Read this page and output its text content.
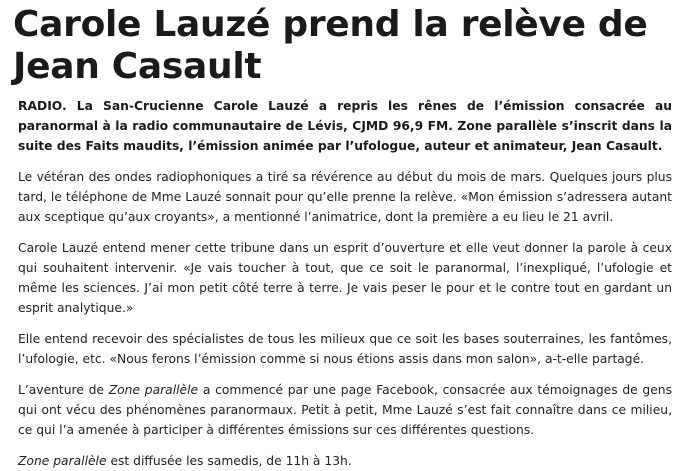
Carole Lauzé prend la relève de Jean Casault

RADIO. La San-Crucienne Carole Lauzé a repris les rênes de l’émission consacrée au paranormal à la radio communautaire de Lévis, CJMD 96,9 FM. Zone parallèle s’inscrit dans la suite des Faits maudits, l’émission animée par l’ufologue, auteur et animateur, Jean Casault.

Le vétéran des ondes radiophoniques a tiré sa révérence au début du mois de mars. Quelques jours plus tard, le téléphone de Mme Lauzé sonnait pour qu’elle prenne la relève. «Mon émission s’adressera autant aux sceptique qu’aux croyants», a mentionné l’animatrice, dont la première a eu lieu le 21 avril.

Carole Lauzé entend mener cette tribune dans un esprit d’ouverture et elle veut donner la parole à ceux qui souhaitent intervenir. «Je vais toucher à tout, que ce soit le paranormal, l’inexpliqué, l’ufologie et même les sciences. J’ai mon petit côté terre à terre. Je vais peser le pour et le contre tout en gardant un esprit analytique.»

Elle entend recevoir des spécialistes de tous les milieux que ce soit les bases souterraines, les fantômes, l’ufologie, etc. «Nous ferons l’émission comme si nous étions assis dans mon salon», a-t-elle partagé.

L’aventure de Zone parallèle a commencé par une page Facebook, consacrée aux témoignages de gens qui ont vécu des phénomènes paranormaux. Petit à petit, Mme Lauzé s’est fait connaître dans ce milieu, ce qui l’a amenée à participer à différentes émissions sur ces différentes questions.

Zone parallèle est diffusée les samedis, de 11h à 13h.
